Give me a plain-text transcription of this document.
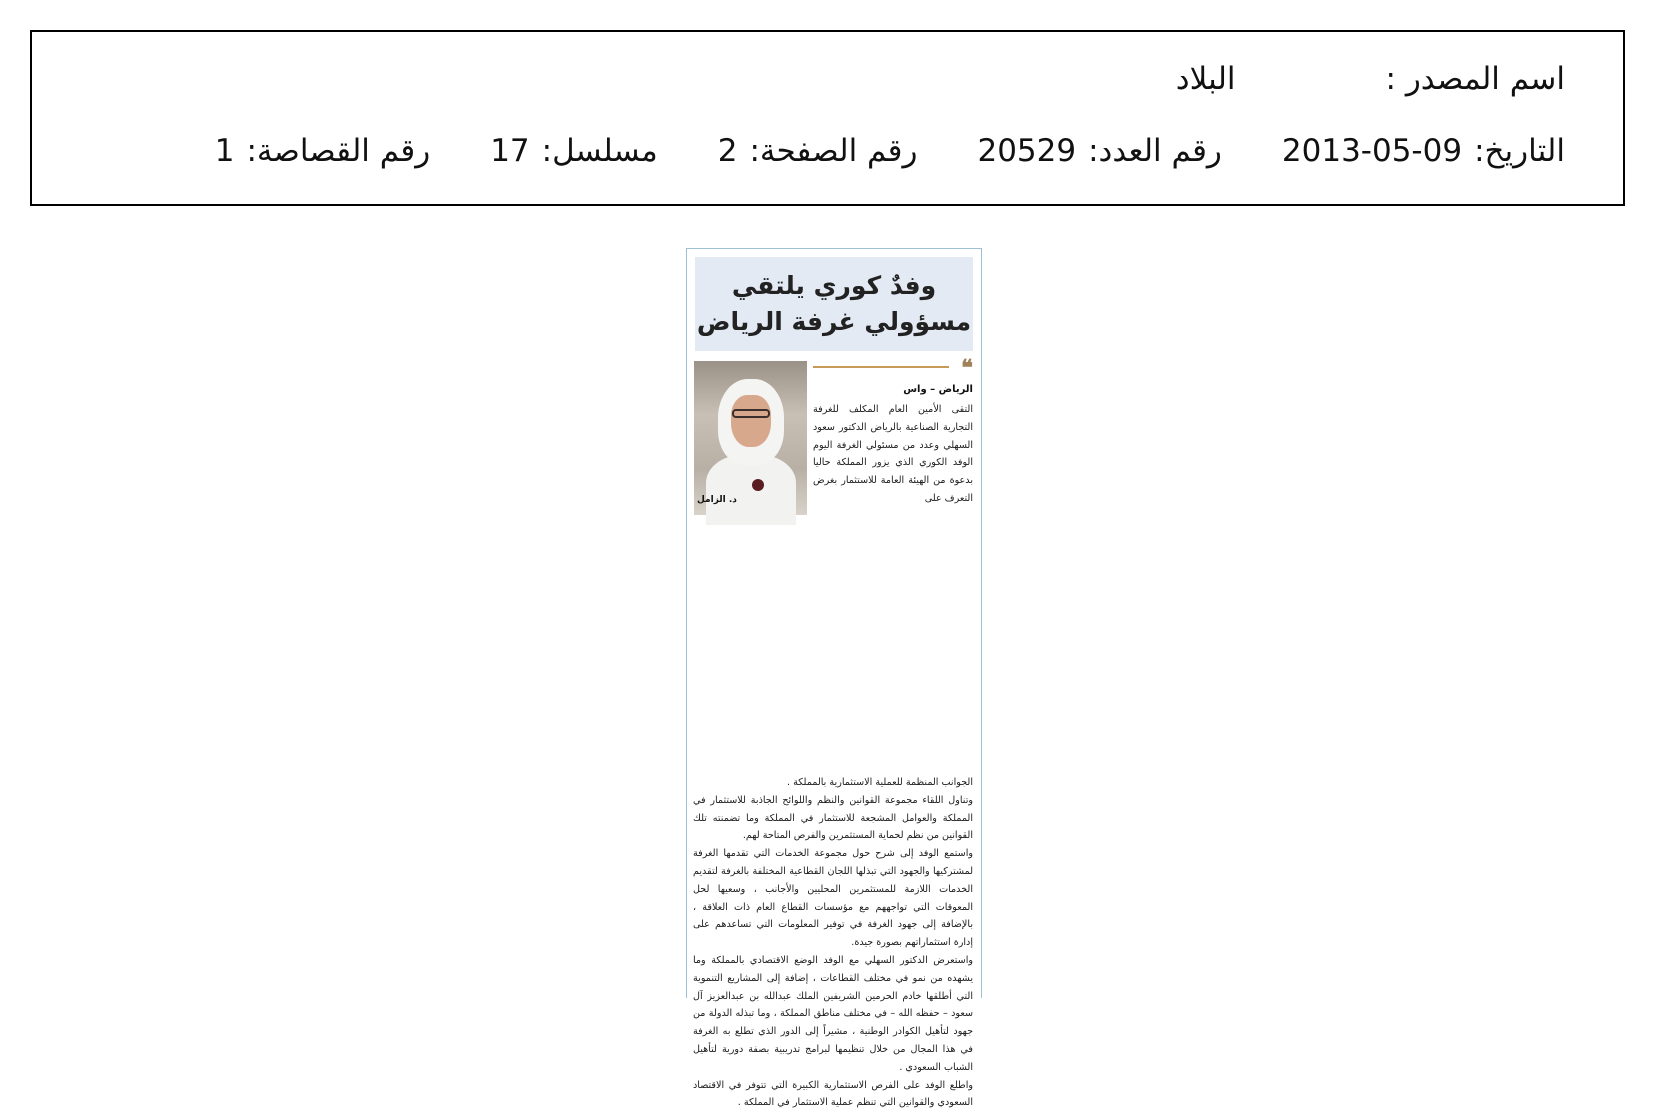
اسم المصدر :
البلاد
التاريخ:
2013-05-09
رقم العدد:
20529
رقم الصفحة:
2
مسلسل:
17
رقم القصاصة:
1
وفدٌ كوري يلتقي
مسؤولي غرفة الرياض
❝
د. الزامل
الرياض – واس

التقى الأمين العام المكلف للغرفة التجارية الصناعية بالرياض الدكتور سعود السهلي وعدد من مسئولي الغرفة اليوم الوفد الكوري الذي يزور المملكة حاليا بدعوة من الهيئة العامة للاستثمار بغرض التعرف على

الجوانب المنظمة للعملية الاستثمارية بالمملكة .

وتناول اللقاء مجموعة القوانين والنظم واللوائح الجاذبة للاستثمار في المملكة والعوامل المشجعة للاستثمار في المملكة وما تضمنته تلك القوانين من نظم لحماية المستثمرين والفرص المتاحة لهم.

واستمع الوفد إلى شرح حول مجموعة الخدمات التي تقدمها الغرفة لمشتركيها والجهود التي تبذلها اللجان القطاعية المختلفة بالغرفة لتقديم الخدمات اللازمة للمستثمرين المحليين والأجانب ، وسعيها لحل المعوقات التي تواجههم مع مؤسسات القطاع العام ذات العلاقة ، بالإضافة إلى جهود الغرفة في توفير المعلومات التي تساعدهم على إدارة استثماراتهم بصورة جيدة.

واستعرض الدكتور السهلي مع الوفد الوضع الاقتصادي بالمملكة وما يشهده من نمو في مختلف القطاعات ، إضافة إلى المشاريع التنموية التي أطلقها خادم الحرمين الشريفين الملك عبدالله بن عبدالعزيز آل سعود – حفظه الله – في مختلف مناطق المملكة ، وما تبذله الدولة من جهود لتأهيل الكوادر الوطنية ، مشيراً إلى الدور الذي تطلع به الغرفة في هذا المجال من خلال تنظيمها لبرامج تدريبية بصفة دورية لتأهيل الشباب السعودي .

واطلع الوفد على الفرص الاستثمارية الكبيرة التي تتوفر في الاقتصاد السعودي والقوانين التي تنظم عملية الاستثمار في المملكة .
